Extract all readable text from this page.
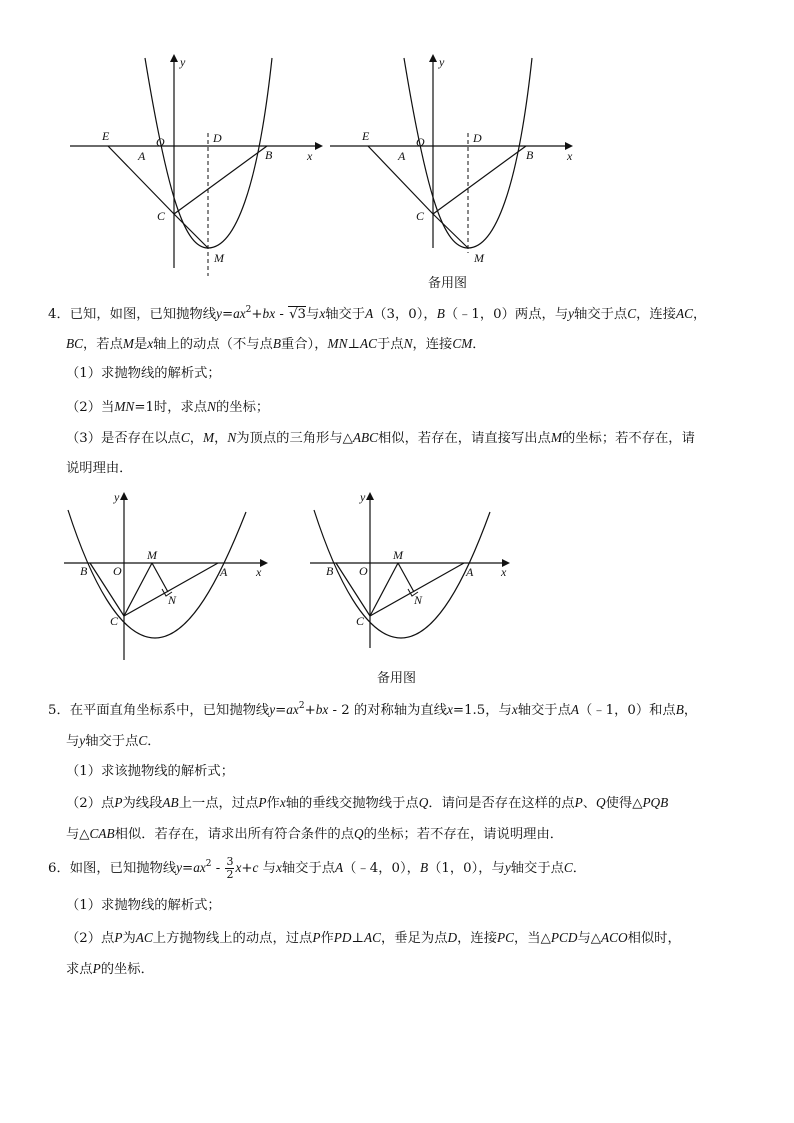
y
x
E	O	D
A	B
C
M
y
x
E	O	D
A	B
C
M
备用图
4．已知，如图，已知抛物线$y=ax^2+bx - √3$与x轴交于A（3，0），B（﹣1，0）两点，与y轴交于点C，连接AC，
BC，若点M是x轴上的动点（不与点B重合），MN⊥AC于点N，连接CM．
（1）求抛物线的解析式；
（2）当MN=1时，求点N的坐标；
（3）是否存在以点C，M，N为顶点的三角形与△ABC相似，若存在，请直接写出点M的坐标；若不存在，请
说明理由．
y
x
B O
M
A
N
C
y
x
B O
M
A
N
C
备用图
5．在平面直角坐标系中，已知抛物线$y=ax^2+bx - 2$ 的对称轴为直线x=1.5，与x轴交于点A（﹣1，0）和点B，
与y轴交于点C．
（1）求该抛物线的解析式；
（2）点P为线段AB上一点，过点P作x轴的垂线交抛物线于点Q．请问是否存在这样的点P、Q使得△PQB
与△CAB相似．若存在，请求出所有符合条件的点Q的坐标；若不存在，请说明理由．
6．如图，已知抛物线$y=ax^2 - \frac{3}{2} x+c$ 与x轴交于点A（﹣4，0），B（1，0），与y轴交于点C．
（1）求抛物线的解析式；
（2）点P为AC上方抛物线上的动点，过点P作PD⊥AC，垂足为点D，连接PC，当△PCD与△ACO相似时，
求点P的坐标．
